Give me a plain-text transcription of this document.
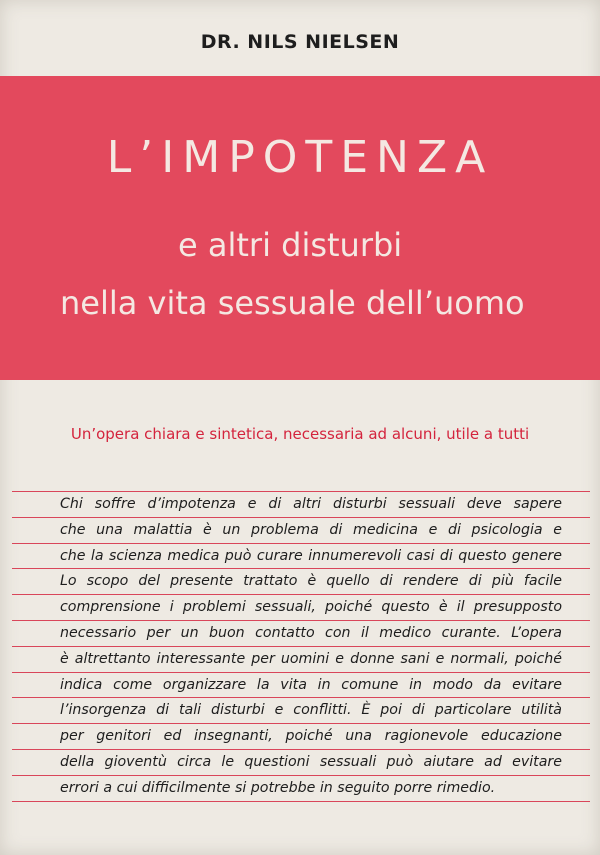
DR. NILS NIELSEN
L’IMPOTENZA
e altri disturbi
nella vita sessuale dell’uomo
Un’opera chiara e sintetica, necessaria ad alcuni, utile a tutti
Chi soffre d’impotenza e di altri disturbi sessuali deve sapere
che una malattia è un problema di medicina e di psicologia e
che la scienza medica può curare innumerevoli casi di questo genere
Lo scopo del presente trattato è quello di rendere di più facile
comprensione i problemi sessuali, poiché questo è il presupposto
necessario per un buon contatto con il medico curante. L’opera
è altrettanto interessante per uomini e donne sani e normali, poiché
indica come organizzare la vita in comune in modo da evitare
l’insorgenza di tali disturbi e conflitti. È poi di particolare utilità
per genitori ed insegnanti, poiché una ragionevole educazione
della gioventù circa le questioni sessuali può aiutare ad evitare
errori a cui difficilmente si potrebbe in seguito porre rimedio.
